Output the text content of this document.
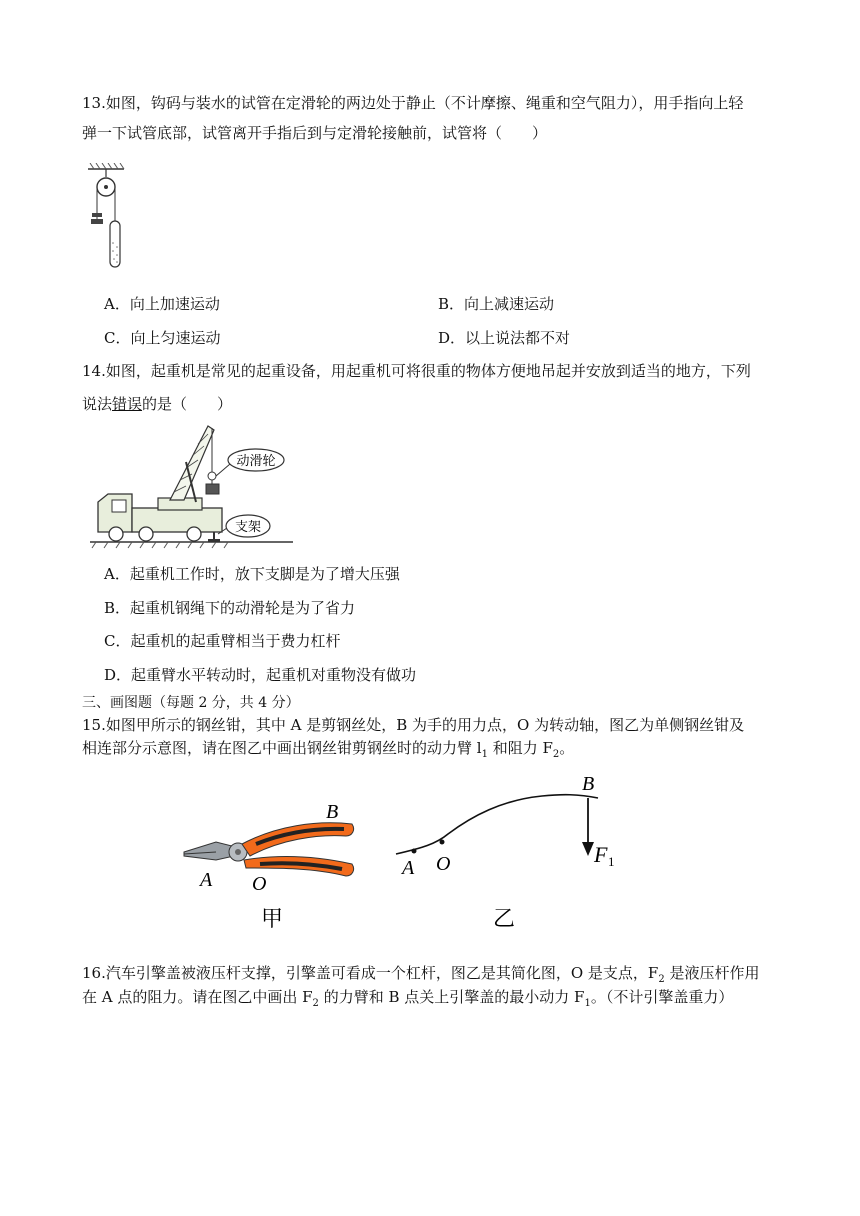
13.如图，钩码与装水的试管在定滑轮的两边处于静止（不计摩擦、绳重和空气阻力），用手指向上轻
弹一下试管底部，试管离开手指后到与定滑轮接触前，试管将（　　）
A．向上加速运动	B．向上减速运动
C．向上匀速运动	D．以上说法都不对
14.如图，起重机是常见的起重设备，用起重机可将很重的物体方便地吊起并安放到适当的地方，下列
说法错误的是（　　）
动滑轮
支架
A．起重机工作时，放下支脚是为了增大压强
B．起重机钢绳下的动滑轮是为了省力
C．起重机的起重臂相当于费力杠杆
D．起重臂水平转动时，起重机对重物没有做功
三、画图题（每题 2 分，共 4 分）
15.如图甲所示的钢丝钳，其中 A 是剪钢丝处，B 为手的用力点，O 为转动轴，图乙为单侧钢丝钳及
相连部分示意图，请在图乙中画出钢丝钳剪钢丝时的动力臂 $l_1$ 和阻力 $F_2$。
B
A O
甲
B
A O	F 1
乙
16.汽车引擎盖被液压杆支撑，引擎盖可看成一个杠杆，图乙是其简化图，O 是支点，$F_2$ 是液压杆作用
在 A 点的阻力。请在图乙中画出 $F_2$ 的力臂和 B 点关上引擎盖的最小动力 $F_1$。（不计引擎盖重力）
